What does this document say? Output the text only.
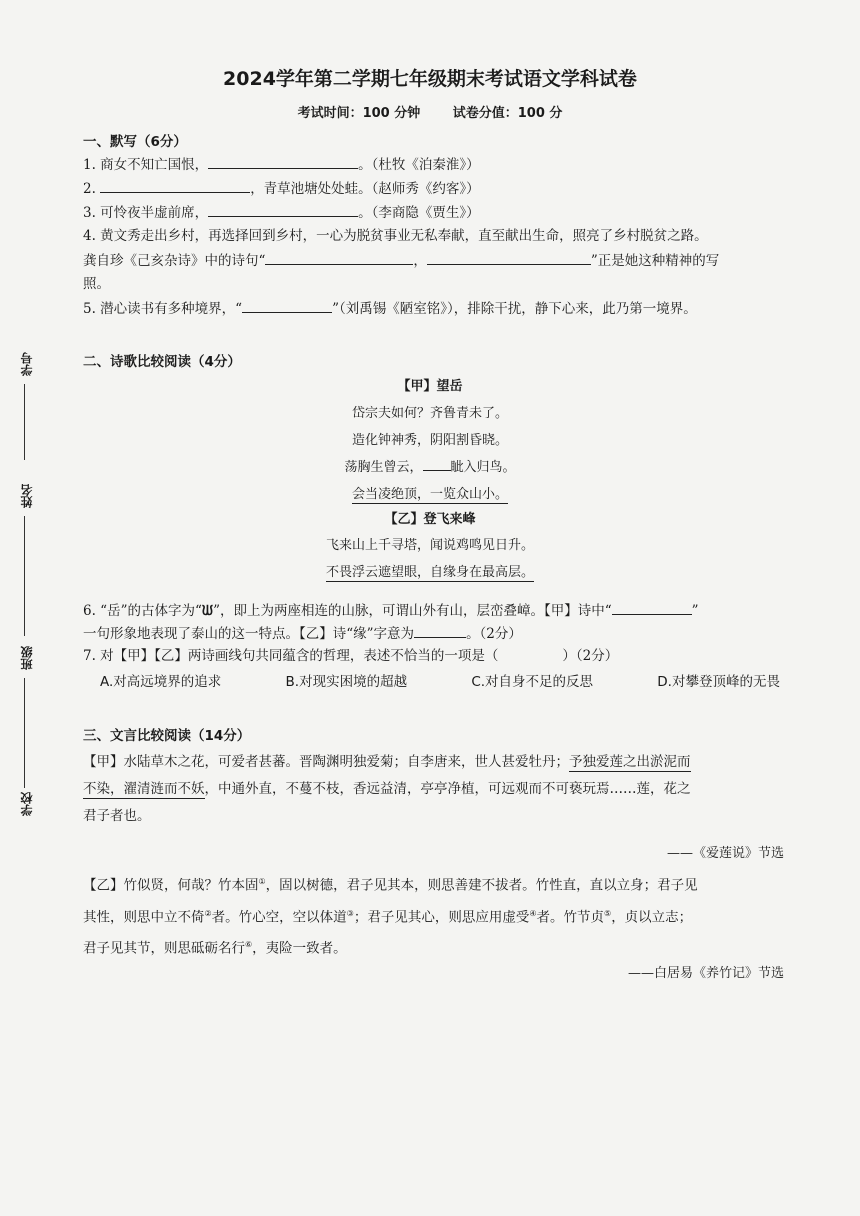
学号
姓名
班级
学校
2024学年第二学期七年级期末考试语文学科试卷
考试时间：100 分钟	试卷分值：100 分
一、默写（6分）
1. 商女不知亡国恨，	。（杜牧《泊秦淮》）
2.	，青草池塘处处蛙。（赵师秀《约客》）
3. 可怜夜半虚前席，	。（李商隐《贾生》）
4. 黄文秀走出乡村，再选择回到乡村，一心为脱贫事业无私奉献，直至献出生命，照亮了乡村脱贫之路。
龚自珍《己亥杂诗》中的诗句“	，	”正是她这种精神的写
照。
5. 潜心读书有多种境界，“	”（刘禹锡《陋室铭》），排除干扰，静下心来，此乃第一境界。
二、诗歌比较阅读（4分）
【甲】望岳
岱宗夫如何？齐鲁青未了。
造化钟神秀，阴阳割昏晓。
荡胸生曾云， 眦入归鸟。
会当凌绝顶，一览众山小。
【乙】登飞来峰
飞来山上千寻塔，闻说鸡鸣见日升。
不畏浮云遮望眼，自缘身在最高层。
6. “岳”的古体字为“ᙎ”，即上为两座相连的山脉，可谓山外有山，层峦叠嶂。【甲】诗中“	”
一句形象地表现了泰山的这一特点。【乙】诗“缘”字意为	。（2分）
7. 对【甲】【乙】两诗画线句共同蕴含的哲理，表述不恰当的一项是（	）（2分）
A.对高远境界的追求	B.对现实困境的超越	C.对自身不足的反思	D.对攀登顶峰的无畏
三、文言比较阅读（14分）
【甲】水陆草木之花，可爱者甚蕃。晋陶渊明独爱菊；自李唐来，世人甚爱牡丹；予独爱莲之出淤泥而
不染，濯清涟而不妖，中通外直，不蔓不枝，香远益清，亭亭净植，可远观而不可亵玩焉……莲，花之
君子者也。
——《爱莲说》节选
【乙】竹似贤，何哉？竹本固①，固以树德，君子见其本，则思善建不拔者。竹性直，直以立身；君子见
其性，则思中立不倚②者。竹心空，空以体道③；君子见其心，则思应用虚受④者。竹节贞⑤，贞以立志；
君子见其节，则思砥砺名行⑥，夷险一致者。
——白居易《养竹记》节选
